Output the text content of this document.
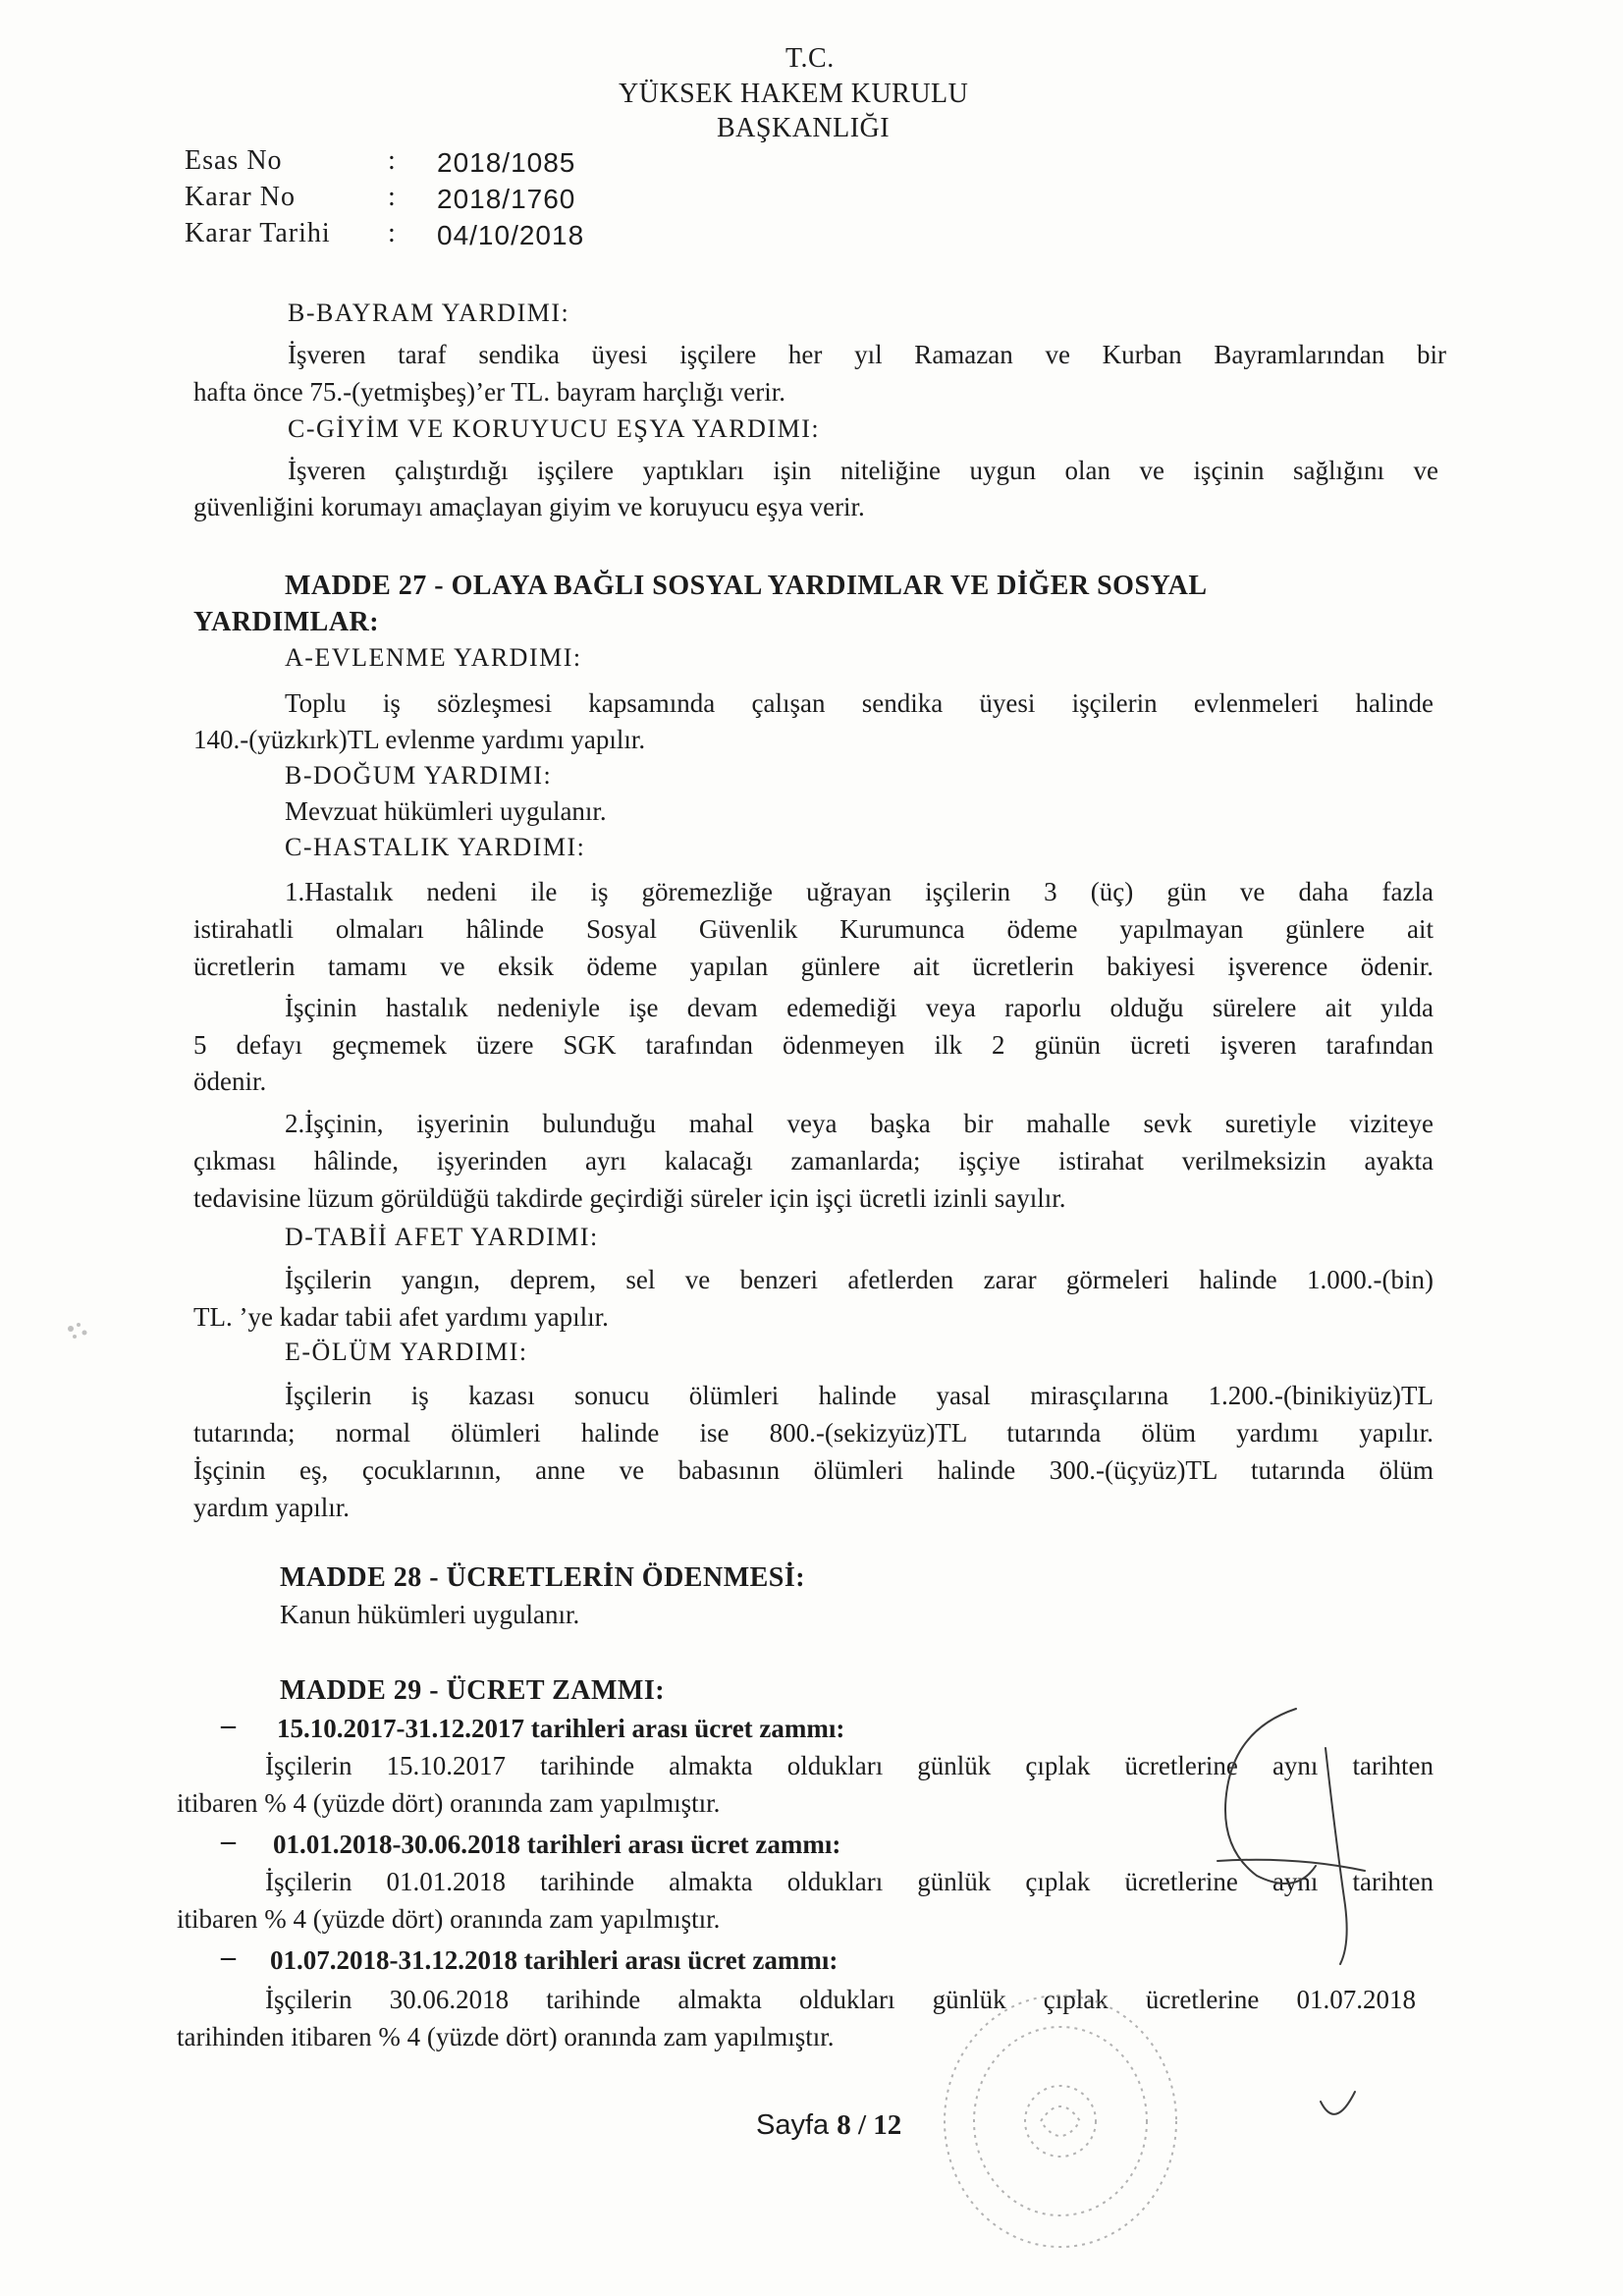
T.C.
YÜKSEK HAKEM KURULU
BAŞKANLIĞI
Esas No	: 2018/1085
Karar No	: 2018/1760
Karar Tarihi : 04/10/2018
B-BAYRAM YARDIMI:
İşveren taraf sendika üyesi işçilere her yıl Ramazan ve Kurban Bayramlarından bir
hafta önce 75.-(yetmişbeş)’er TL. bayram harçlığı verir.
C-GİYİM VE KORUYUCU EŞYA YARDIMI:
İşveren çalıştırdığı işçilere yaptıkları işin niteliğine uygun olan ve işçinin sağlığını ve
güvenliğini korumayı amaçlayan giyim ve koruyucu eşya verir.
MADDE 27 - OLAYA BAĞLI SOSYAL YARDIMLAR VE DİĞER SOSYAL
YARDIMLAR:
A-EVLENME YARDIMI:
Toplu iş sözleşmesi kapsamında çalışan sendika üyesi işçilerin evlenmeleri halinde
140.-(yüzkırk)TL evlenme yardımı yapılır.
B-DOĞUM YARDIMI:
Mevzuat hükümleri uygulanır.
C-HASTALIK YARDIMI:
1.Hastalık nedeni ile iş göremezliğe uğrayan işçilerin 3 (üç) gün ve daha fazla
istirahatli olmaları hâlinde Sosyal Güvenlik Kurumunca ödeme yapılmayan günlere ait
ücretlerin tamamı ve eksik ödeme yapılan günlere ait ücretlerin bakiyesi işverence ödenir.
İşçinin hastalık nedeniyle işe devam edemediği veya raporlu olduğu sürelere ait yılda
5 defayı geçmemek üzere SGK tarafından ödenmeyen ilk 2 günün ücreti işveren tarafından
ödenir.
2.İşçinin, işyerinin bulunduğu mahal veya başka bir mahalle sevk suretiyle viziteye
çıkması hâlinde, işyerinden ayrı kalacağı zamanlarda; işçiye istirahat verilmeksizin ayakta
tedavisine lüzum görüldüğü takdirde geçirdiği süreler için işçi ücretli izinli sayılır.
D-TABİİ AFET YARDIMI:
İşçilerin yangın, deprem, sel ve benzeri afetlerden zarar görmeleri halinde 1.000.-(bin)
TL. ’ye kadar tabii afet yardımı yapılır.
E-ÖLÜM YARDIMI:
İşçilerin iş kazası sonucu ölümleri halinde yasal mirasçılarına 1.200.-(binikiyüz)TL
tutarında; normal ölümleri halinde ise 800.-(sekizyüz)TL tutarında ölüm yardımı yapılır.
İşçinin eş, çocuklarının, anne ve babasının ölümleri halinde 300.-(üçyüz)TL tutarında ölüm
yardım yapılır.
MADDE 28 - ÜCRETLERİN ÖDENMESİ:
Kanun hükümleri uygulanır.
MADDE 29 - ÜCRET ZAMMI:
– 15.10.2017-31.12.2017 tarihleri arası ücret zammı:
İşçilerin 15.10.2017 tarihinde almakta oldukları günlük çıplak ücretlerine aynı tarihten
itibaren % 4 (yüzde dört) oranında zam yapılmıştır.
– 01.01.2018-30.06.2018 tarihleri arası ücret zammı:
İşçilerin 01.01.2018 tarihinde almakta oldukları günlük çıplak ücretlerine aynı tarihten
itibaren % 4 (yüzde dört) oranında zam yapılmıştır.
– 01.07.2018-31.12.2018 tarihleri arası ücret zammı:
İşçilerin 30.06.2018 tarihinde almakta oldukları günlük çıplak ücretlerine 01.07.2018
tarihinden itibaren % 4 (yüzde dört) oranında zam yapılmıştır.
Sayfa 8 / 12
